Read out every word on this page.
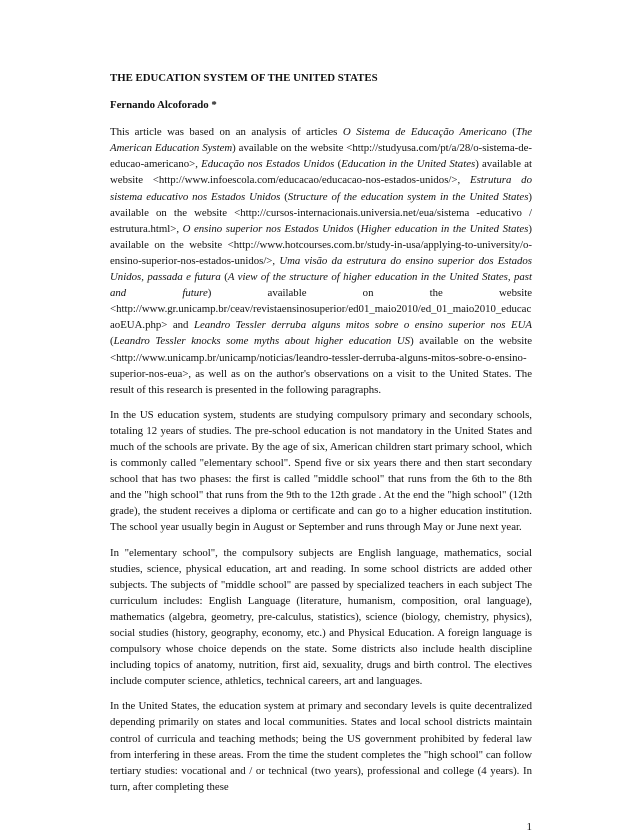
THE EDUCATION SYSTEM OF THE UNITED STATES
Fernando Alcoforado *

This article was based on an analysis of articles O Sistema de Educação Americano (The American Education System) available on the website <http://studyusa.com/pt/a/28/o-sistema-de-educao-americano>, Educação nos Estados Unidos (Education in the United States) available at website <http://www.infoescola.com/educacao/educacao-nos-estados-unidos/>, Estrutura do sistema educativo nos Estados Unidos (Structure of the education system in the United States) available on the website <http://cursos-internacionais.universia.net/eua/sistema -educativo / estrutura.html>, O ensino superior nos Estados Unidos (Higher education in the United States) available on the website <http://www.hotcourses.com.br/study-in-usa/applying-to-university/o-ensino-superior-nos-estados-unidos/>, Uma visão da estrutura do ensino superior dos Estados Unidos, passada e futura (A view of the structure of higher education in the United States, past and future) available on the website <http://www.gr.unicamp.br/ceav/revistaensinosuperior/ed01_maio2010/ed_01_maio2010_educacaoEUA.php> and Leandro Tessler derruba alguns mitos sobre o ensino superior nos EUA (Leandro Tessler knocks some myths about higher education US) available on the website <http://www.unicamp.br/unicamp/noticias/leandro-tessler-derruba-alguns-mitos-sobre-o-ensino-superior-nos-eua>, as well as on the author's observations on a visit to the United States. The result of this research is presented in the following paragraphs.

In the US education system, students are studying compulsory primary and secondary schools, totaling 12 years of studies. The pre-school education is not mandatory in the United States and much of the schools are private. By the age of six, American children start primary school, which is commonly called "elementary school". Spend five or six years there and then start secondary school that has two phases: the first is called "middle school" that runs from the 6th to the 8th and the "high school" that runs from the 9th to the 12th grade . At the end the "high school" (12th grade), the student receives a diploma or certificate and can go to a higher education institution. The school year usually begin in August or September and runs through May or June next year.

In "elementary school", the compulsory subjects are English language, mathematics, social studies, science, physical education, art and reading. In some school districts are added other subjects. The subjects of "middle school" are passed by specialized teachers in each subject The curriculum includes: English Language (literature, humanism, composition, oral language), mathematics (algebra, geometry, pre-calculus, statistics), science (biology, chemistry, physics), social studies (history, geography, economy, etc.) and Physical Education. A foreign language is compulsory whose choice depends on the state. Some districts also include health discipline including topics of anatomy, nutrition, first aid, sexuality, drugs and birth control. The electives include computer science, athletics, technical careers, art and languages.

In the United States, the education system at primary and secondary levels is quite decentralized depending primarily on states and local communities. States and local school districts maintain control of curricula and teaching methods; being the US government prohibited by federal law from interfering in these areas. From the time the student completes the "high school" can follow tertiary studies: vocational and / or technical (two years), professional and college (4 years). In turn, after completing these

1
